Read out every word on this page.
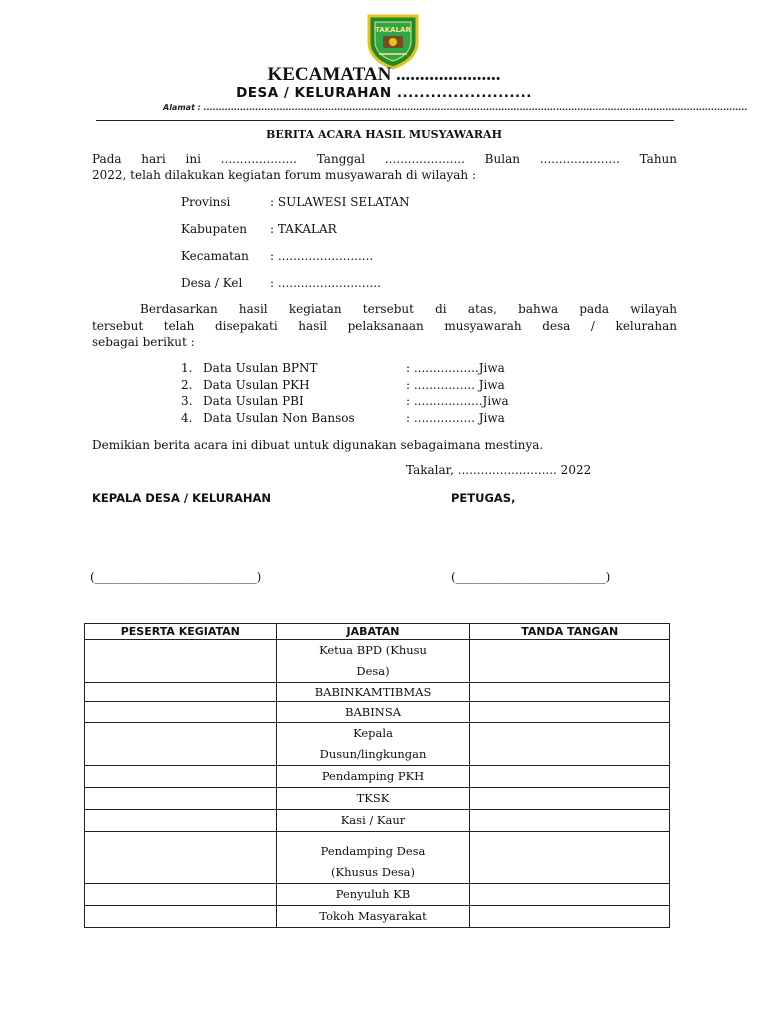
TAKALAR
KECAMATAN ......................
DESA / KELURAHAN ........................
Alamat : ...................................................................................................................................................................................
BERITA ACARA HASIL MUSYAWARAH
Pada hari ini .................... Tanggal ..................... Bulan ..................... Tahun
2022, telah dilakukan kegiatan forum musyawarah di wilayah :
Provinsi	: SULAWESI SELATAN
Kabupaten : TAKALAR
Kecamatan : .........................
Desa / Kel : ...........................
Berdasarkan hasil kegiatan tersebut di atas, bahwa pada wilayah
tersebut telah disepakati hasil pelaksanaan musyawarah desa / kelurahan
sebagai berikut :
1. Data Usulan BPNT	: .................Jiwa
2. Data Usulan PKH	: ................ Jiwa
3. Data Usulan PBI	: ..................Jiwa
4. Data Usulan Non Bansos	: ................ Jiwa
Demikian berita acara ini dibuat untuk digunakan sebagaimana mestinya.
Takalar, .......................... 2022
KEPALA DESA / KELURAHAN	PETUGAS,
(___________________________)	(_________________________)
PESERTA KEGIATAN	JABATAN	TANDA TANGAN

	Ketua BPD (Khusu
Desa)	

	BABINKAMTIBMAS	
	BABINSA	

	Kepala
Dusun/lingkungan	

	Pendamping PKH	
	TKSK	
	Kasi / Kaur	

	Pendamping Desa
(Khusus Desa)	

	Penyuluh KB	
	Tokoh Masyarakat	
